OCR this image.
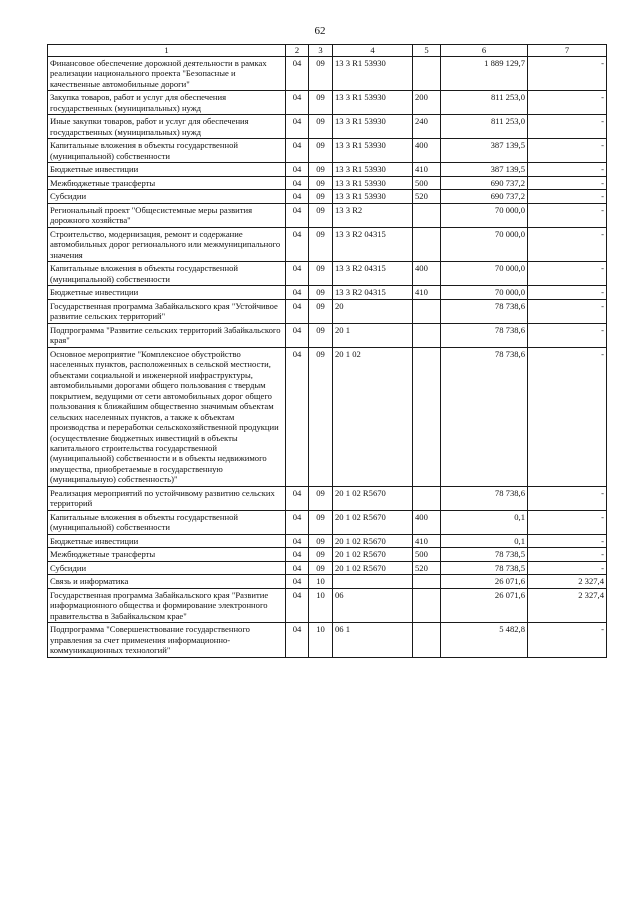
62
1	2	3	4	5	6	7
Финансовое обеспечение дорожной деятельности в рамках реализации национального проекта "Безопасные и качественные автомобильные дороги"	04	09	13 3 R1 53930		1 889 129,7	-
Закупка товаров, работ и услуг для обеспечения государственных (муниципальных) нужд	04	09	13 3 R1 53930	200	811 253,0	-
Иные закупки товаров, работ и услуг для обеспечения государственных (муниципальных) нужд	04	09	13 3 R1 53930	240	811 253,0	-
Капитальные вложения в объекты государственной (муниципальной) собственности	04	09	13 3 R1 53930	400	387 139,5	-
Бюджетные инвестиции	04	09	13 3 R1 53930	410	387 139,5	-
Межбюджетные трансферты	04	09	13 3 R1 53930	500	690 737,2	-
Субсидии	04	09	13 3 R1 53930	520	690 737,2	-
Региональный проект "Общесистемные меры развития дорожного хозяйства"	04	09	13 3 R2		70 000,0	-
Строительство, модернизация, ремонт и содержание автомобильных дорог регионального или межмуниципального значения	04	09	13 3 R2 04315		70 000,0	-
Капитальные вложения в объекты государственной (муниципальной) собственности	04	09	13 3 R2 04315	400	70 000,0	-
Бюджетные инвестиции	04	09	13 3 R2 04315	410	70 000,0	-
Государственная программа Забайкальского края "Устойчивое развитие сельских территорий"	04	09	20		78 738,6	-
Подпрограмма "Развитие сельских территорий Забайкальского края"	04	09	20 1		78 738,6	-
Основное мероприятие "Комплексное обустройство населенных пунктов, расположенных в сельской местности, объектами социальной и инженерной инфраструктуры, автомобильными дорогами общего пользования с твердым покрытием, ведущими от сети автомобильных дорог общего пользования к ближайшим общественно значимым объектам сельских населенных пунктов, а также к объектам производства и переработки сельскохозяйственной продукции (осуществление бюджетных инвестиций в объекты капитального строительства государственной (муниципальной) собственности и в объекты недвижимого имущества, приобретаемые в государственную (муниципальную) собственность)"	04	09	20 1 02		78 738,6	-
Реализация мероприятий по устойчивому развитию сельских территорий	04	09	20 1 02 R5670		78 738,6	-
Капитальные вложения в объекты государственной (муниципальной) собственности	04	09	20 1 02 R5670	400	0,1	-
Бюджетные инвестиции	04	09	20 1 02 R5670	410	0,1	-
Межбюджетные трансферты	04	09	20 1 02 R5670	500	78 738,5	-
Субсидии	04	09	20 1 02 R5670	520	78 738,5	-
Связь и информатика	04	10			26 071,6	2 327,4
Государственная программа Забайкальского края "Развитие информационного общества и формирование электронного правительства в Забайкальском крае"	04	10	06		26 071,6	2 327,4
Подпрограмма "Совершенствование государственного управления за счет применения информационно-коммуникационных технологий"	04	10	06 1		5 482,8	-
